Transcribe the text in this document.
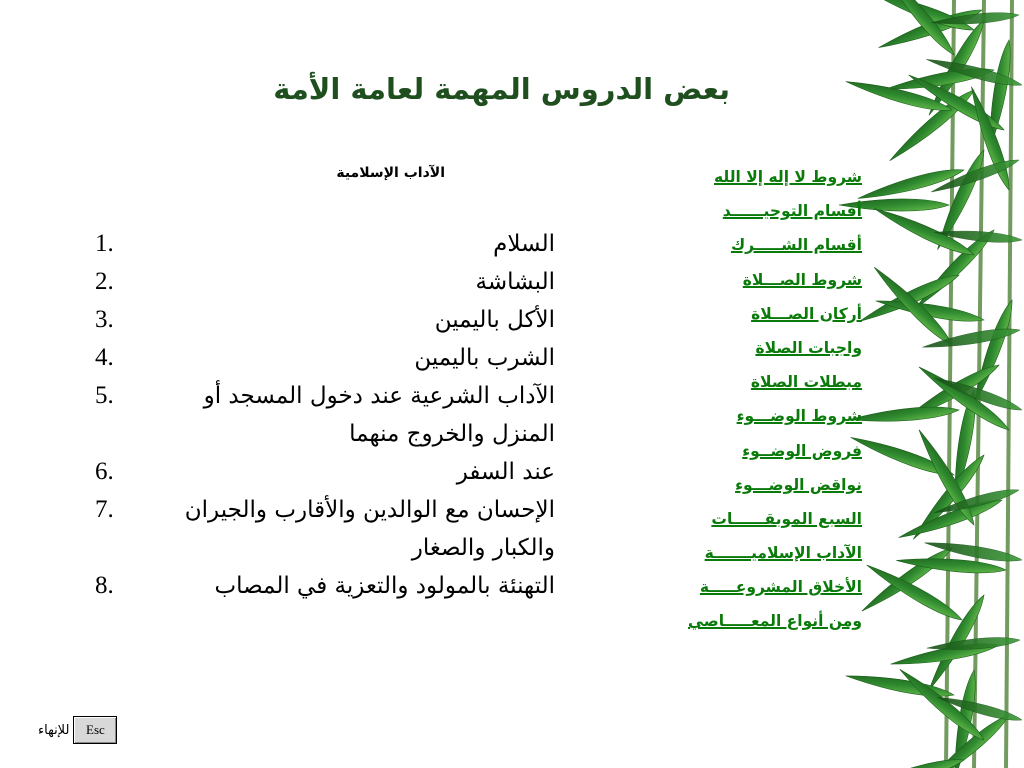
بعض الدروس المهمة لعامة الأمة
الآداب الإسلامية	شروط لا إله إلا الله
أقسام التوحيــــــد
أقسام الشـــــرك
شروط الصـــلاة
أركان الصـــلاة
واجبات الصلاة
مبطلات الصلاة
شروط الوضـــوء
فروض الوضــوء
نواقض الوضـــوء
السبع الموبقــــــات
الآداب الإسلاميـــــــة
الأخلاق المشروعـــــة
ومن أنواع المعـــــاصي
السلام
1.
البشاشة
2.
الأكل باليمين
3.
الشرب باليمين
4.
الآداب الشرعية عند دخول المسجد أو المنزل والخروج منهما
5.
عند السفر
6.
الإحسان مع الوالدين والأقارب والجيران والكبار والصغار
7.
التهنئة بالمولود والتعزية في المصاب
8.
للإنهاء	Esc
